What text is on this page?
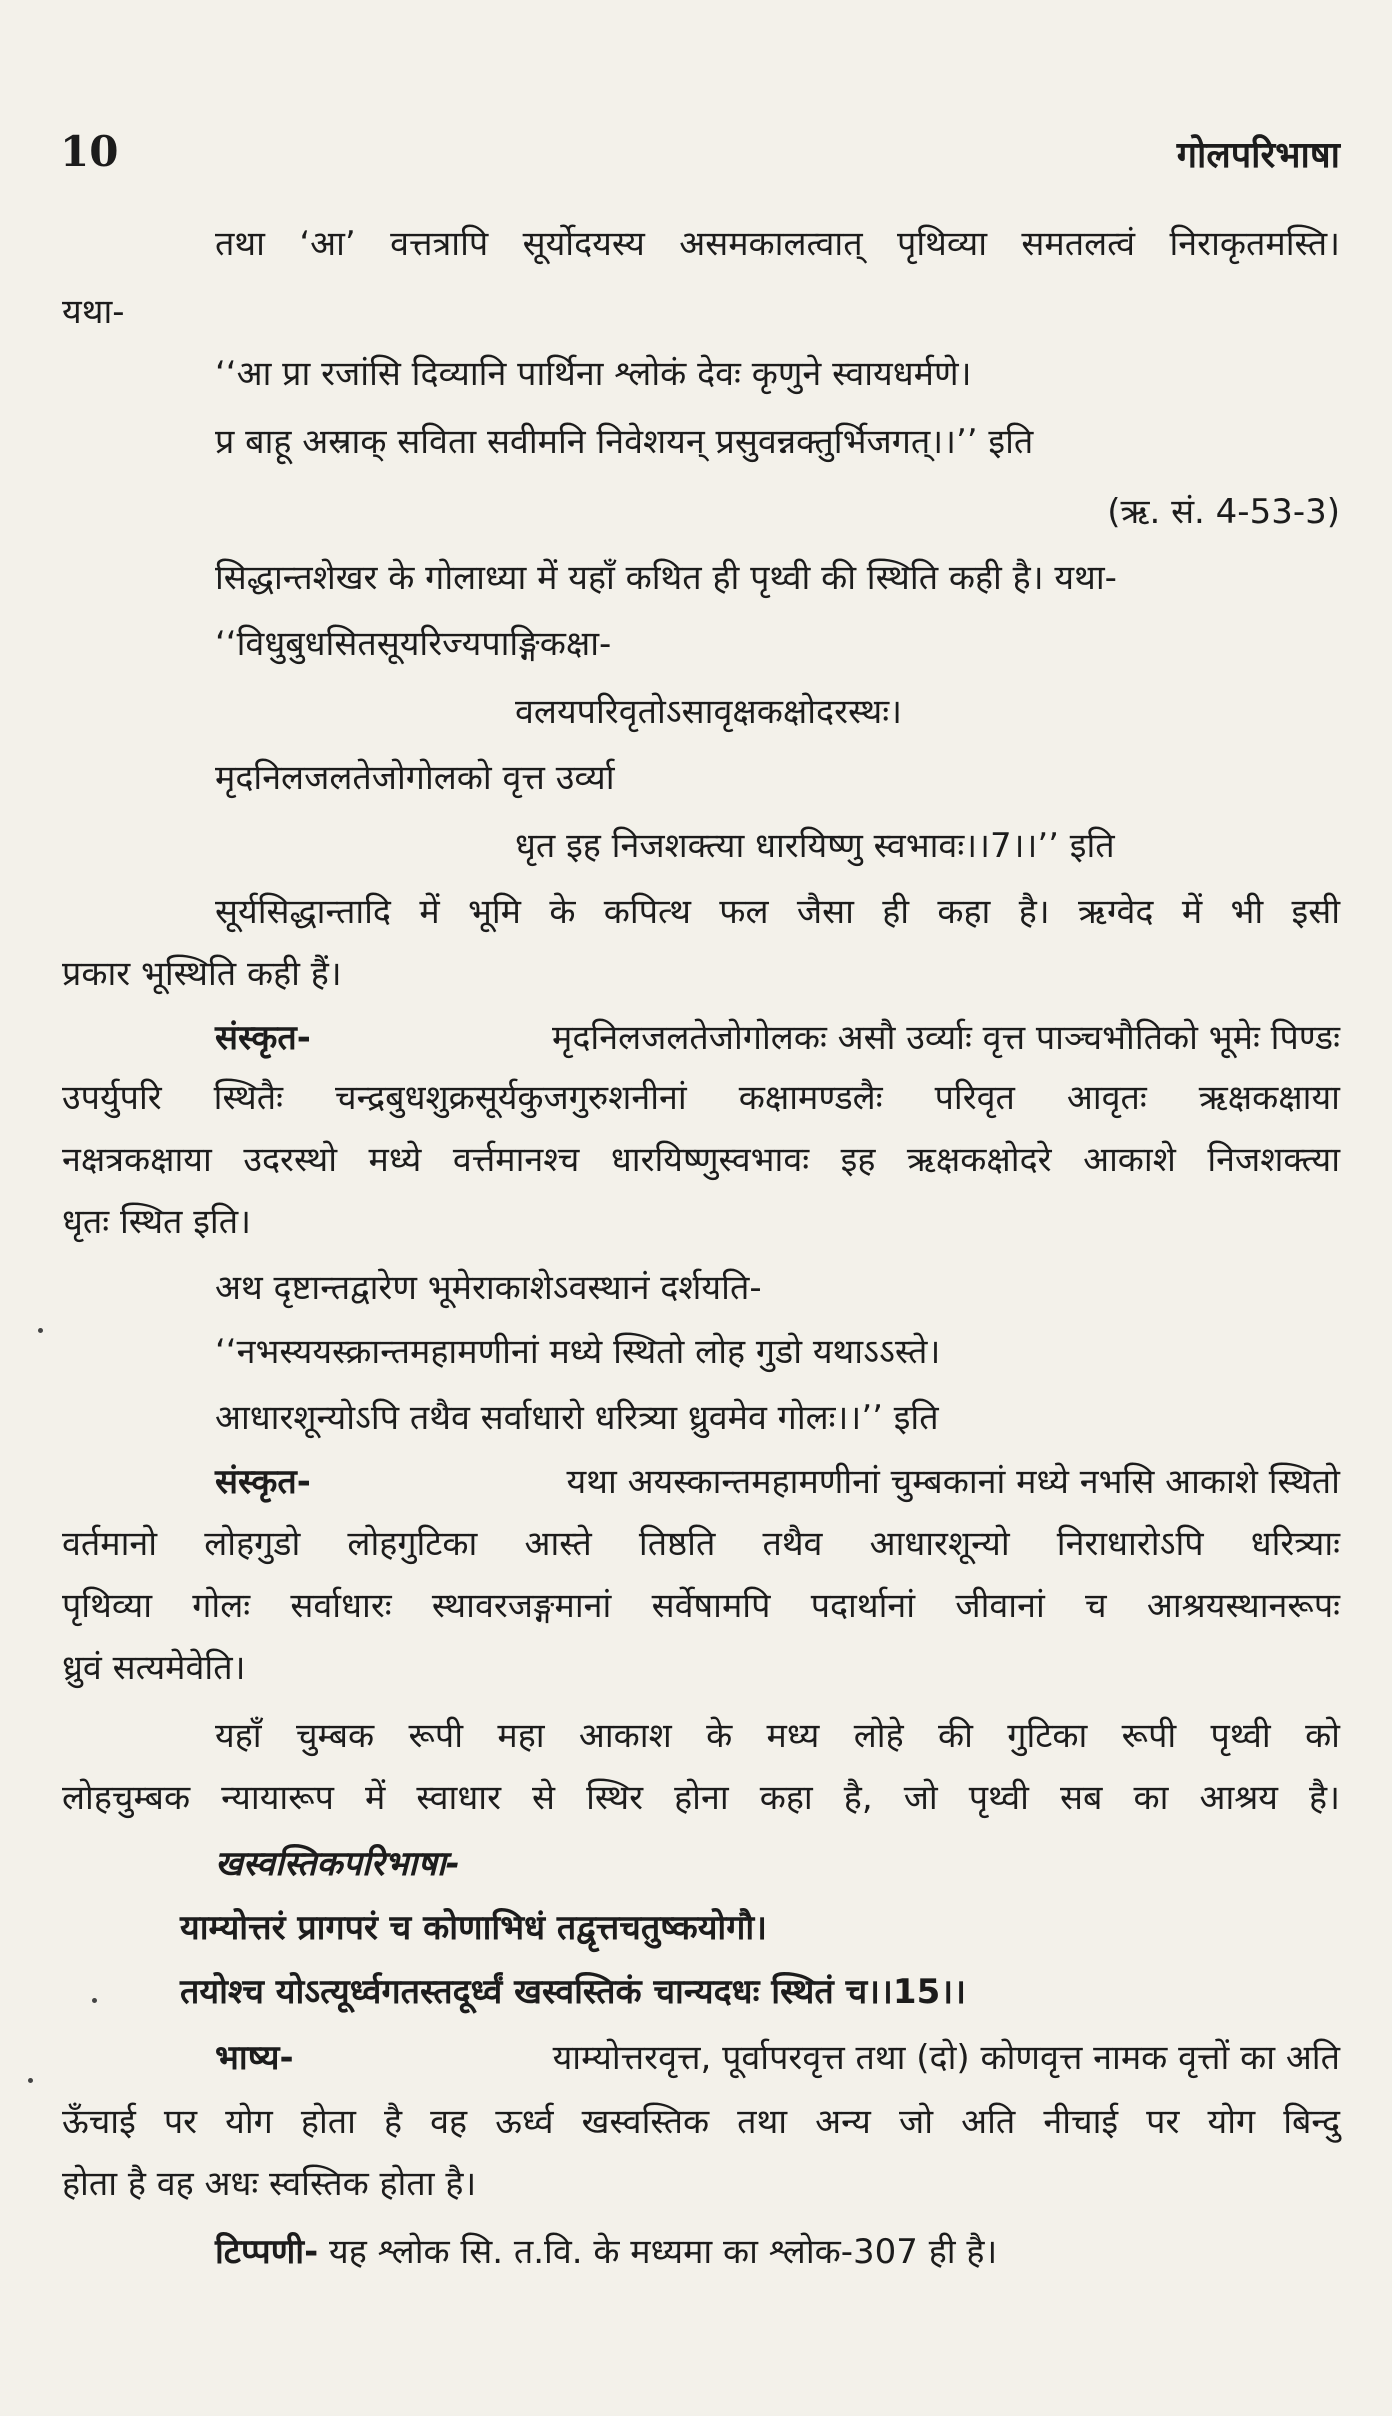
10	गोलपरिभाषा
तथा ‘आ’ वत्तत्रापि सूर्योदयस्य असमकालत्वात् पृथिव्या समतलत्वं निराकृतमस्ति।
यथा-
‘‘आ प्रा रजांसि दिव्यानि पार्थिना श्लोकं देवः कृणुने स्वायधर्मणे।
प्र बाहू अस्राक् सविता सवीमनि निवेशयन् प्रसुवन्नक्तुर्भिजगत्।।’’ इति
(ऋ. सं. 4-53-3)
सिद्धान्तशेखर के गोलाध्या में यहाँ कथित ही पृथ्वी की स्थिति कही है। यथा-
‘‘विधुबुधसितसूयरिज्यपाङ्गिकक्षा-
वलयपरिवृतोऽसावृक्षकक्षोदरस्थः।
मृदनिलजलतेजोगोलको वृत्त उर्व्या
धृत इह निजशक्त्या धारयिष्णु स्वभावः।।7।।’’ इति
सूर्यसिद्धान्तादि में भूमि के कपित्थ फल जैसा ही कहा है। ऋग्वेद में भी इसी
प्रकार भूस्थिति कही हैं।
संस्कृत-	मृदनिलजलतेजोगोलकः असौ उर्व्याः वृत्त पाञ्चभौतिको भूमेः पिण्डः
उपर्युपरि स्थितैः चन्द्रबुधशुक्रसूर्यकुजगुरुशनीनां कक्षामण्डलैः परिवृत आवृतः ऋक्षकक्षाया
नक्षत्रकक्षाया उदरस्थो मध्ये वर्त्तमानश्च धारयिष्णुस्वभावः इह ऋक्षकक्षोदरे आकाशे निजशक्त्या
धृतः स्थित इति।
अथ दृष्टान्तद्वारेण भूमेराकाशेऽवस्थानं दर्शयति-
‘‘नभस्ययस्क्रान्तमहामणीनां मध्ये स्थितो लोह गुडो यथाऽऽस्ते।
आधारशून्योऽपि तथैव सर्वाधारो धरित्र्या ध्रुवमेव गोलः।।’’ इति
संस्कृत-	यथा अयस्कान्तमहामणीनां चुम्बकानां मध्ये नभसि आकाशे स्थितो
वर्तमानो लोहगुडो लोहगुटिका आस्ते तिष्ठति तथैव आधारशून्यो निराधारोऽपि धरित्र्याः
पृथिव्या गोलः सर्वाधारः स्थावरजङ्गमानां सर्वेषामपि पदार्थानां जीवानां च आश्रयस्थानरूपः
ध्रुवं सत्यमेवेति।
यहाँ चुम्बक रूपी महा आकाश के मध्य लोहे की गुटिका रूपी पृथ्वी को
लोहचुम्बक न्यायारूप में स्वाधार से स्थिर होना कहा है, जो पृथ्वी सब का आश्रय है।
खस्वस्तिकपरिभाषा-
याम्योत्तरं प्रागपरं च कोणाभिधं तद्वृत्तचतुष्कयोगौ।
तयोश्च योऽत्यूर्ध्वगतस्तदूर्ध्वं खस्वस्तिकं चान्यदधः स्थितं च।।15।।
भाष्य-	याम्योत्तरवृत्त, पूर्वापरवृत्त तथा (दो) कोणवृत्त नामक वृत्तों का अति
ऊँचाई पर योग होता है वह ऊर्ध्व खस्वस्तिक तथा अन्य जो अति नीचाई पर योग बिन्दु
होता है वह अधः स्वस्तिक होता है।
टिप्पणी- यह श्लोक सि. त.वि. के मध्यमा का श्लोक-307 ही है।
